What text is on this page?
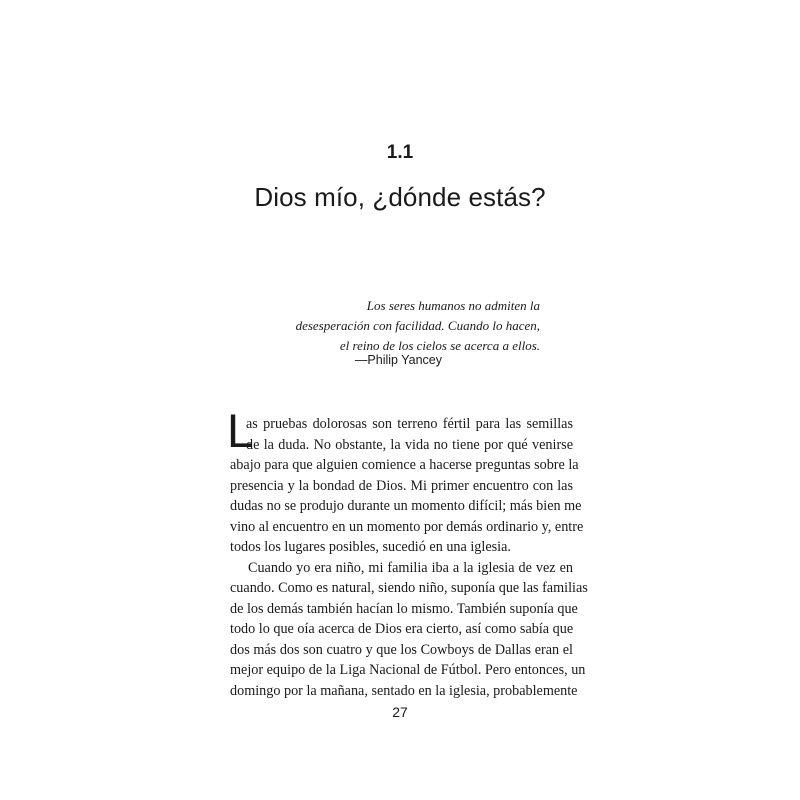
1.1
Dios mío, ¿dónde estás?
Los seres humanos no admiten la
desesperación con facilidad. Cuando lo hacen,
el reino de los cielos se acerca a ellos.

—Philip Yancey

L
as pruebas dolorosas son terreno fértil para las semillas
de la duda. No obstante, la vida no tiene por qué venirse
abajo para que alguien comience a hacerse preguntas sobre la
presencia y la bondad de Dios. Mi primer encuentro con las
dudas no se produjo durante un momento difícil; más bien me
vino al encuentro en un momento por demás ordinario y, entre
todos los lugares posibles, sucedió en una iglesia.
Cuando yo era niño, mi familia iba a la iglesia de vez en
cuando. Como es natural, siendo niño, suponía que las familias
de los demás también hacían lo mismo. También suponía que
todo lo que oía acerca de Dios era cierto, así como sabía que
dos más dos son cuatro y que los Cowboys de Dallas eran el
mejor equipo de la Liga Nacional de Fútbol. Pero entonces, un
domingo por la mañana, sentado en la iglesia, probablemente

27
